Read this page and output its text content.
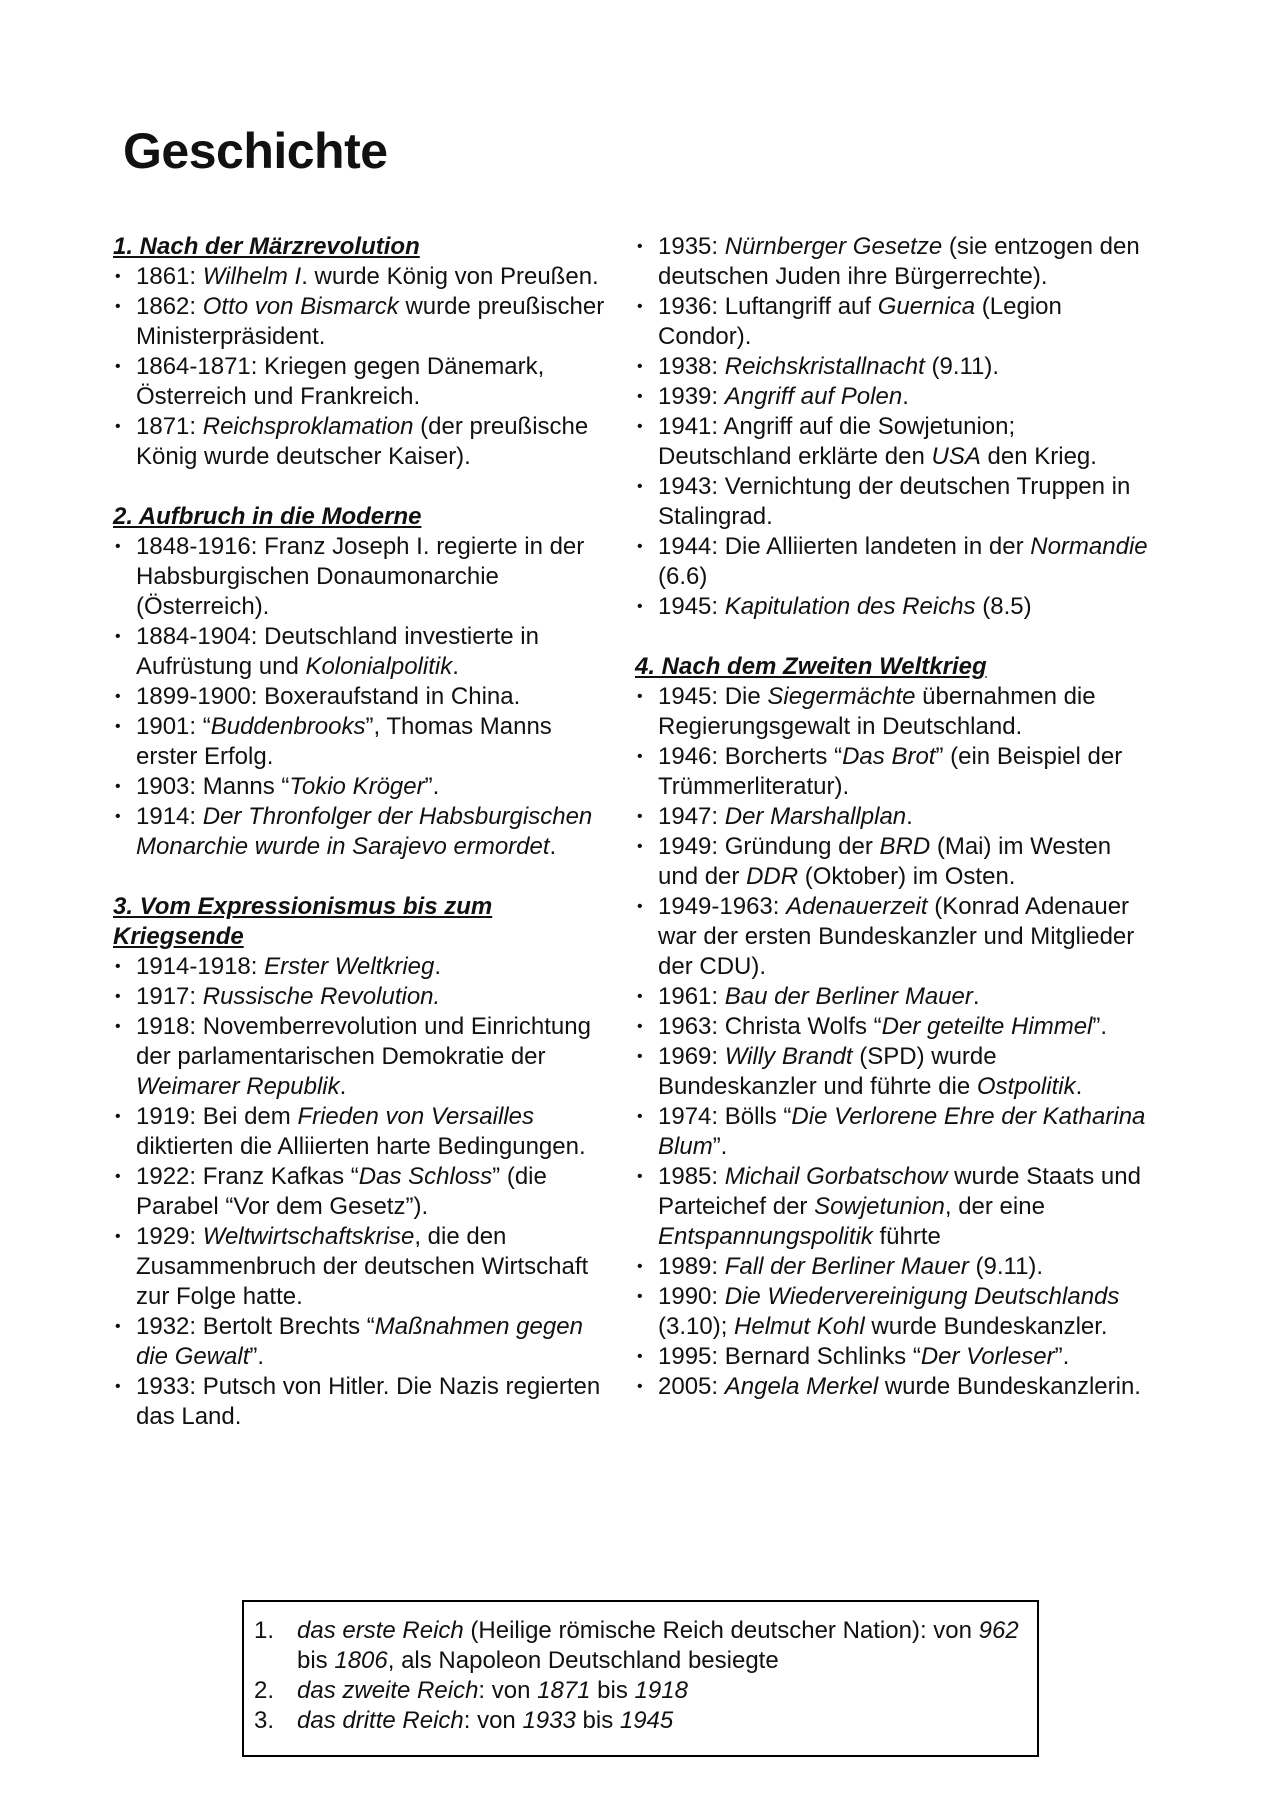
Geschichte
1. Nach der Märzrevolution
• 1861: Wilhelm I. wurde König von Preußen.
• 1862: Otto von Bismarck wurde preußischer Ministerpräsident.
• 1864-1871: Kriegen gegen Dänemark, Österreich und Frankreich.
• 1871: Reichsproklamation (der preußische König wurde deutscher Kaiser).
2. Aufbruch in die Moderne
• 1848-1916: Franz Joseph I. regierte in der Habsburgischen Donaumonarchie (Österreich).
• 1884-1904: Deutschland investierte in Aufrüstung und Kolonialpolitik.
• 1899-1900: Boxeraufstand in China.
• 1901: “Buddenbrooks”, Thomas Manns erster Erfolg.
• 1903: Manns “Tokio Kröger”.
• 1914: Der Thronfolger der Habsburgischen Monarchie wurde in Sarajevo ermordet.
3. Vom Expressionismus bis zum Kriegsende
• 1914-1918: Erster Weltkrieg.
• 1917: Russische Revolution.
• 1918: Novemberrevolution und Einrichtung der parlamentarischen Demokratie der Weimarer Republik.
• 1919: Bei dem Frieden von Versailles diktierten die Alliierten harte Bedingungen.
• 1922: Franz Kafkas “Das Schloss” (die Parabel “Vor dem Gesetz”).
• 1929: Weltwirtschaftskrise, die den Zusammenbruch der deutschen Wirtschaft zur Folge hatte.
• 1932: Bertolt Brechts “Maßnahmen gegen die Gewalt”.
• 1933: Putsch von Hitler. Die Nazis regierten das Land.
• 1935: Nürnberger Gesetze (sie entzogen den deutschen Juden ihre Bürgerrechte).
• 1936: Luftangriff auf Guernica (Legion Condor).
• 1938: Reichskristallnacht (9.11).
• 1939: Angriff auf Polen.
• 1941: Angriff auf die Sowjetunion; Deutschland erklärte den USA den Krieg.
• 1943: Vernichtung der deutschen Truppen in Stalingrad.
• 1944: Die Alliierten landeten in der Normandie (6.6)
• 1945: Kapitulation des Reichs (8.5)
4. Nach dem Zweiten Weltkrieg
• 1945: Die Siegermächte übernahmen die Regierungsgewalt in Deutschland.
• 1946: Borcherts “Das Brot” (ein Beispiel der Trümmerliteratur).
• 1947: Der Marshallplan.
• 1949: Gründung der BRD (Mai) im Westen und der DDR (Oktober) im Osten.
• 1949-1963: Adenauerzeit (Konrad Adenauer war der ersten Bundeskanzler und Mitglieder der CDU).
• 1961: Bau der Berliner Mauer.
• 1963: Christa Wolfs “Der geteilte Himmel”.
• 1969: Willy Brandt (SPD) wurde Bundeskanzler und führte die Ostpolitik.
• 1974: Bölls “Die Verlorene Ehre der Katharina Blum”.
• 1985: Michail Gorbatschow wurde Staats und Parteichef der Sowjetunion, der eine Entspannungspolitik führte
• 1989: Fall der Berliner Mauer (9.11).
• 1990: Die Wiedervereinigung Deutschlands (3.10); Helmut Kohl wurde Bundeskanzler.
• 1995: Bernard Schlinks “Der Vorleser”.
• 2005: Angela Merkel wurde Bundeskanzlerin.
1. das erste Reich (Heilige römische Reich deutscher Nation): von 962 bis 1806, als Napoleon Deutschland besiegte
2. das zweite Reich: von 1871 bis 1918
3. das dritte Reich: von 1933 bis 1945
